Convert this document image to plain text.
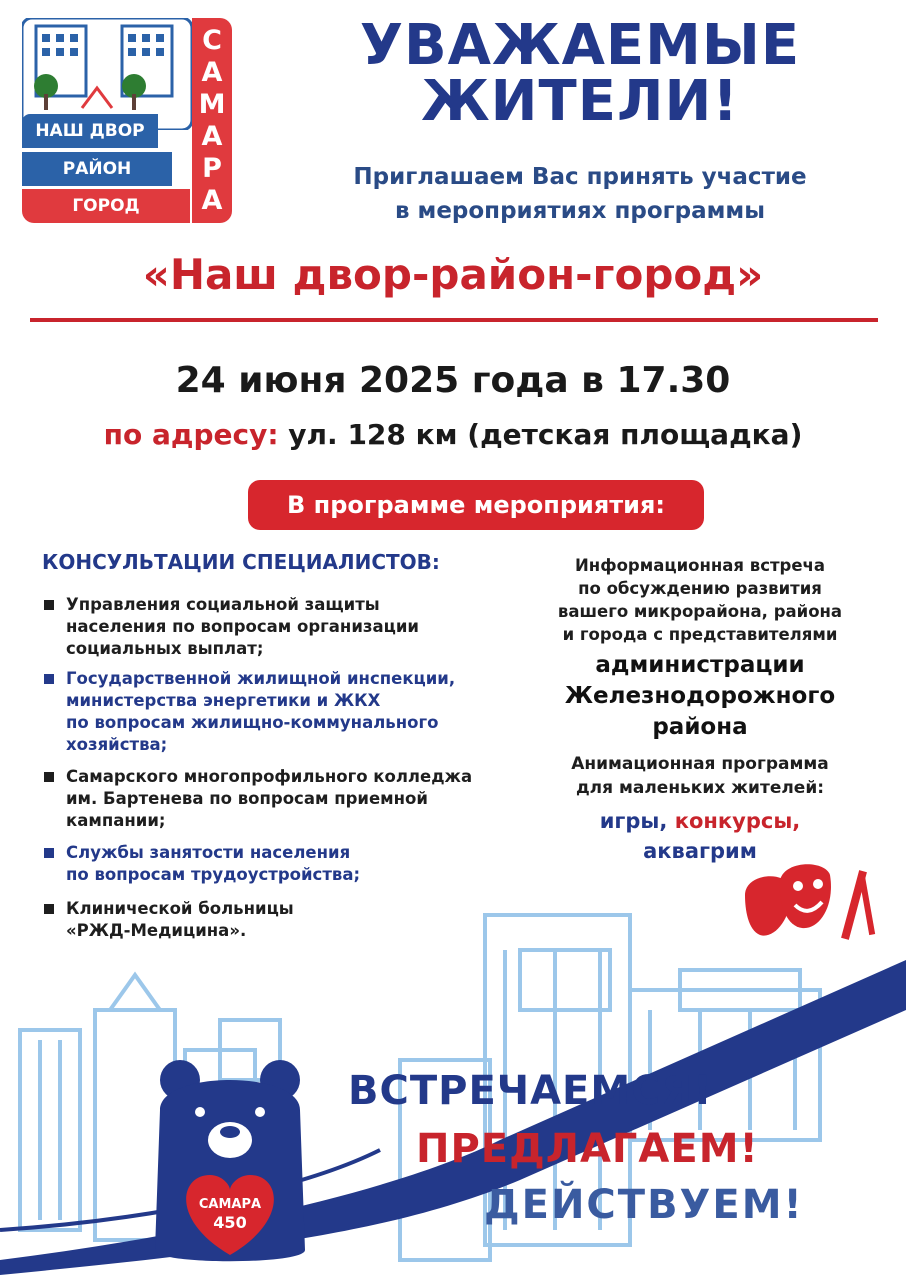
НАШ ДВОР
РАЙОН
ГОРОД
С
А
М
А
Р
А
УВАЖАЕМЫЕ
ЖИТЕЛИ!
Приглашаем Вас принять участие
в мероприятиях программы
«Наш двор-район-город»
24 июня 2025 года в 17.30
по адресу: ул. 128 км (детская площадка)
В программе мероприятия:
КОНСУЛЬТАЦИИ СПЕЦИАЛИСТОВ:
Управления социальной защиты
населения по вопросам организации
социальных выплат;
Государственной жилищной инспекции,
министерства энергетики и ЖКХ
по вопросам жилищно-коммунального
хозяйства;
Самарского многопрофильного колледжа
им. Бартенева по вопросам приемной
кампании;
Службы занятости населения
по вопросам трудоустройства;
Клинической больницы
«РЖД-Медицина».
Информационная встреча
по обсуждению развития
вашего микрорайона, района
и города с представителями
администрации
Железнодорожного
района
Анимационная программа
для маленьких жителей:
игры, конкурсы,
аквагрим
САМАРА
450
ВСТРЕЧАЕМСЯ!
ПРЕДЛАГАЕМ!
ДЕЙСТВУЕМ!
